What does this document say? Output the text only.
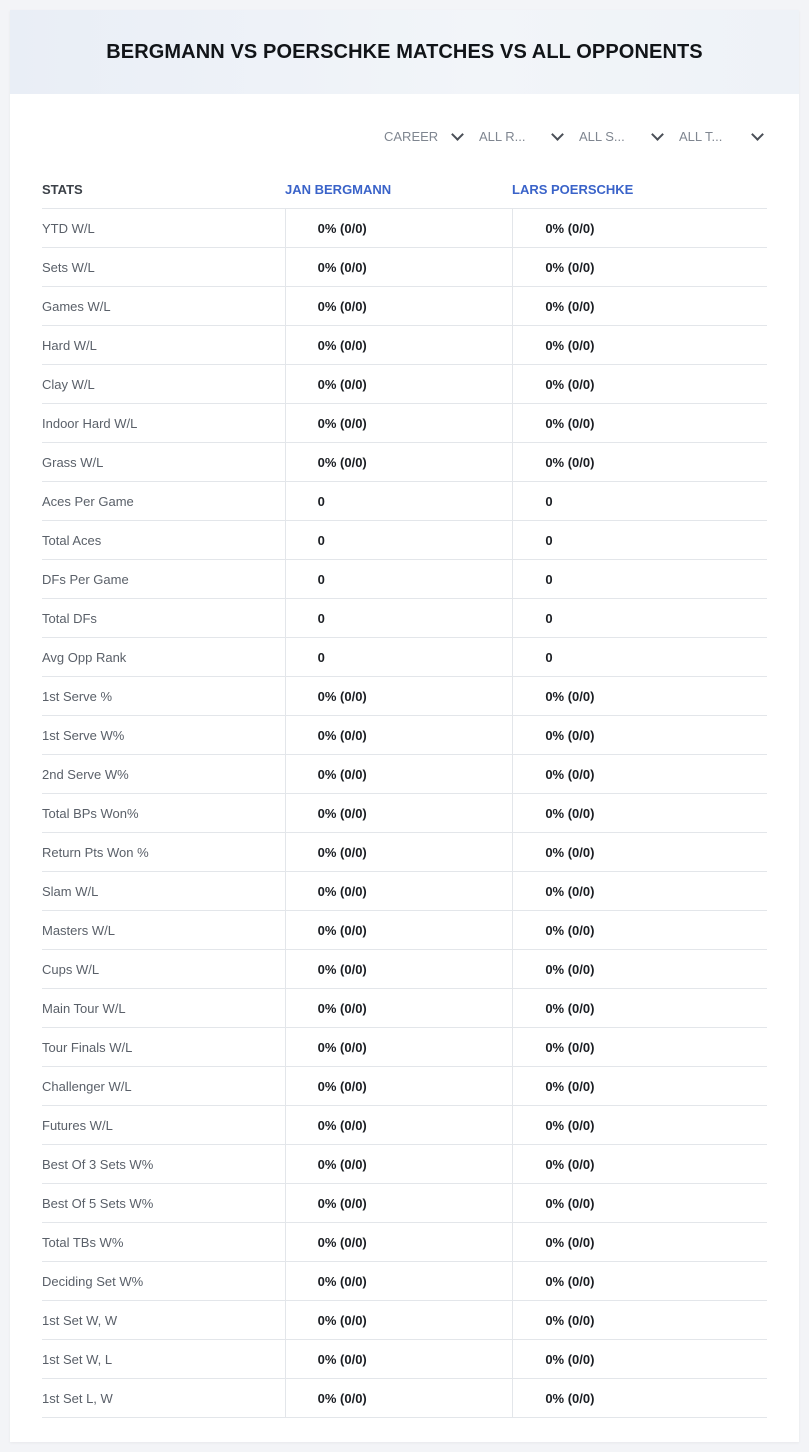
BERGMANN VS POERSCHKE MATCHES VS ALL OPPONENTS
CAREER	ALL R...	ALL S...	ALL T...
STATS	JAN BERGMANN	LARS POERSCHKE
YTD W/L	0% (0/0)	0% (0/0)
Sets W/L	0% (0/0)	0% (0/0)
Games W/L	0% (0/0)	0% (0/0)
Hard W/L	0% (0/0)	0% (0/0)
Clay W/L	0% (0/0)	0% (0/0)
Indoor Hard W/L	0% (0/0)	0% (0/0)
Grass W/L	0% (0/0)	0% (0/0)
Aces Per Game	0	0
Total Aces	0	0
DFs Per Game	0	0
Total DFs	0	0
Avg Opp Rank	0	0
1st Serve %	0% (0/0)	0% (0/0)
1st Serve W%	0% (0/0)	0% (0/0)
2nd Serve W%	0% (0/0)	0% (0/0)
Total BPs Won%	0% (0/0)	0% (0/0)
Return Pts Won %	0% (0/0)	0% (0/0)
Slam W/L	0% (0/0)	0% (0/0)
Masters W/L	0% (0/0)	0% (0/0)
Cups W/L	0% (0/0)	0% (0/0)
Main Tour W/L	0% (0/0)	0% (0/0)
Tour Finals W/L	0% (0/0)	0% (0/0)
Challenger W/L	0% (0/0)	0% (0/0)
Futures W/L	0% (0/0)	0% (0/0)
Best Of 3 Sets W%	0% (0/0)	0% (0/0)
Best Of 5 Sets W%	0% (0/0)	0% (0/0)
Total TBs W%	0% (0/0)	0% (0/0)
Deciding Set W%	0% (0/0)	0% (0/0)
1st Set W, W	0% (0/0)	0% (0/0)
1st Set W, L	0% (0/0)	0% (0/0)
1st Set L, W	0% (0/0)	0% (0/0)
